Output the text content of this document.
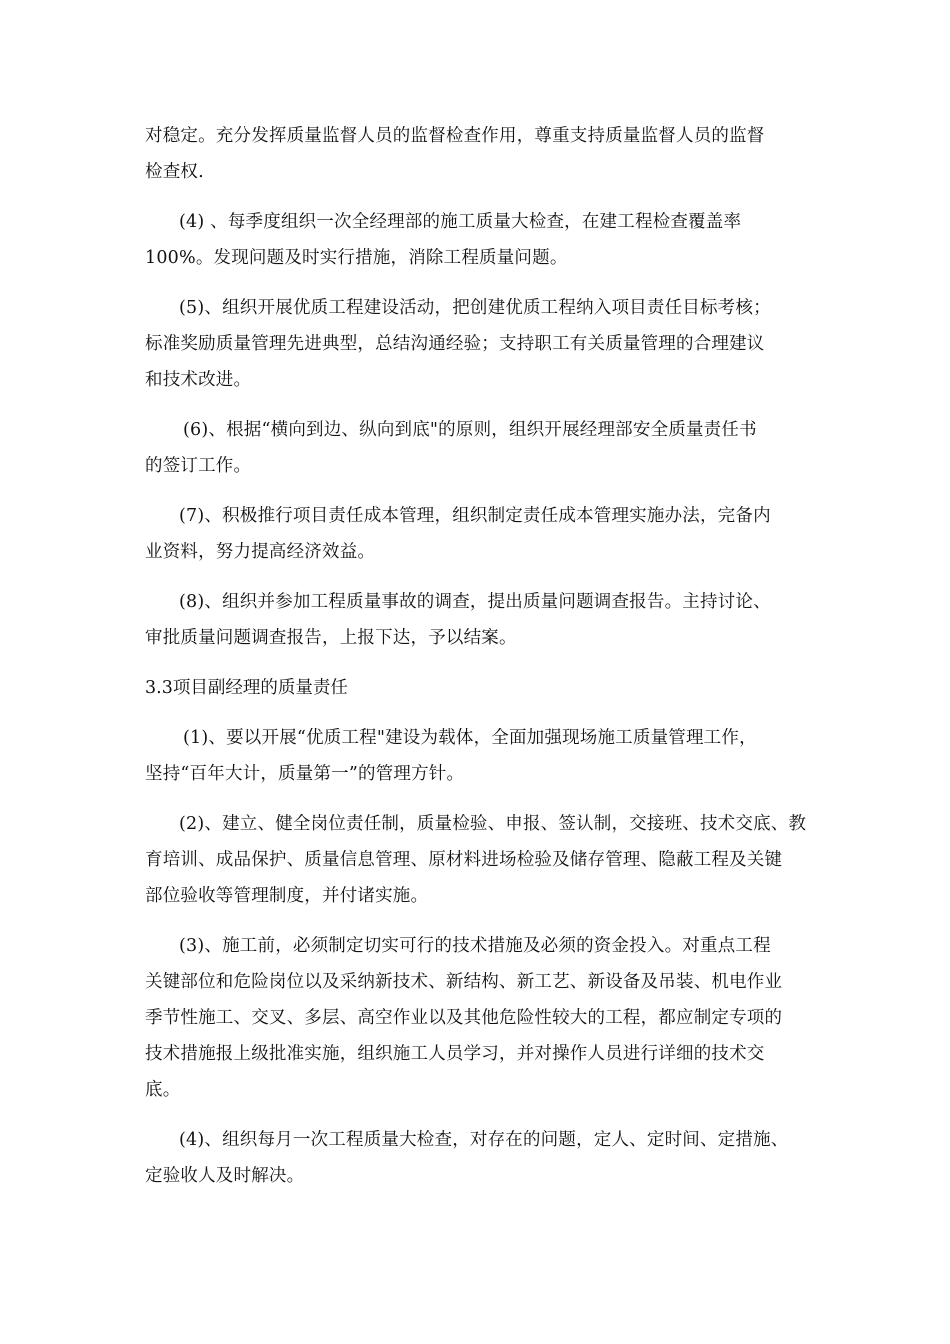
对稳定。充分发挥质量监督人员的监督检查作用，尊重支持质量监督人员的监督
检查权.

(4) 、每季度组织一次全经理部的施工质量大检查，在建工程检查覆盖率
100%。发现问题及时实行措施，消除工程质量问题。

(5)、组织开展优质工程建设活动，把创建优质工程纳入项目责任目标考核；
标准奖励质量管理先进典型，总结沟通经验；支持职工有关质量管理的合理建议
和技术改进。

(6)、根据“横向到边、纵向到底"的原则，组织开展经理部安全质量责任书
的签订工作。

(7)、积极推行项目责任成本管理，组织制定责任成本管理实施办法，完备内
业资料，努力提高经济效益。

(8)、组织并参加工程质量事故的调查，提出质量问题调查报告。主持讨论、
审批质量问题调查报告，上报下达，予以结案。

3.3项目副经理的质量责任

(1)、要以开展“优质工程"建设为载体，全面加强现场施工质量管理工作，
坚持“百年大计，质量第一”的管理方针。

(2)、建立、健全岗位责任制，质量检验、申报、签认制，交接班、技术交底、教
育培训、成品保护、质量信息管理、原材料进场检验及储存管理、隐蔽工程及关键
部位验收等管理制度，并付诸实施。

(3)、施工前，必须制定切实可行的技术措施及必须的资金投入。对重点工程
关键部位和危险岗位以及采纳新技术、新结构、新工艺、新设备及吊装、机电作业
季节性施工、交叉、多层、高空作业以及其他危险性较大的工程，都应制定专项的
技术措施报上级批准实施，组织施工人员学习，并对操作人员进行详细的技术交
底。

(4)、组织每月一次工程质量大检查，对存在的问题，定人、定时间、定措施、
定验收人及时解决。
